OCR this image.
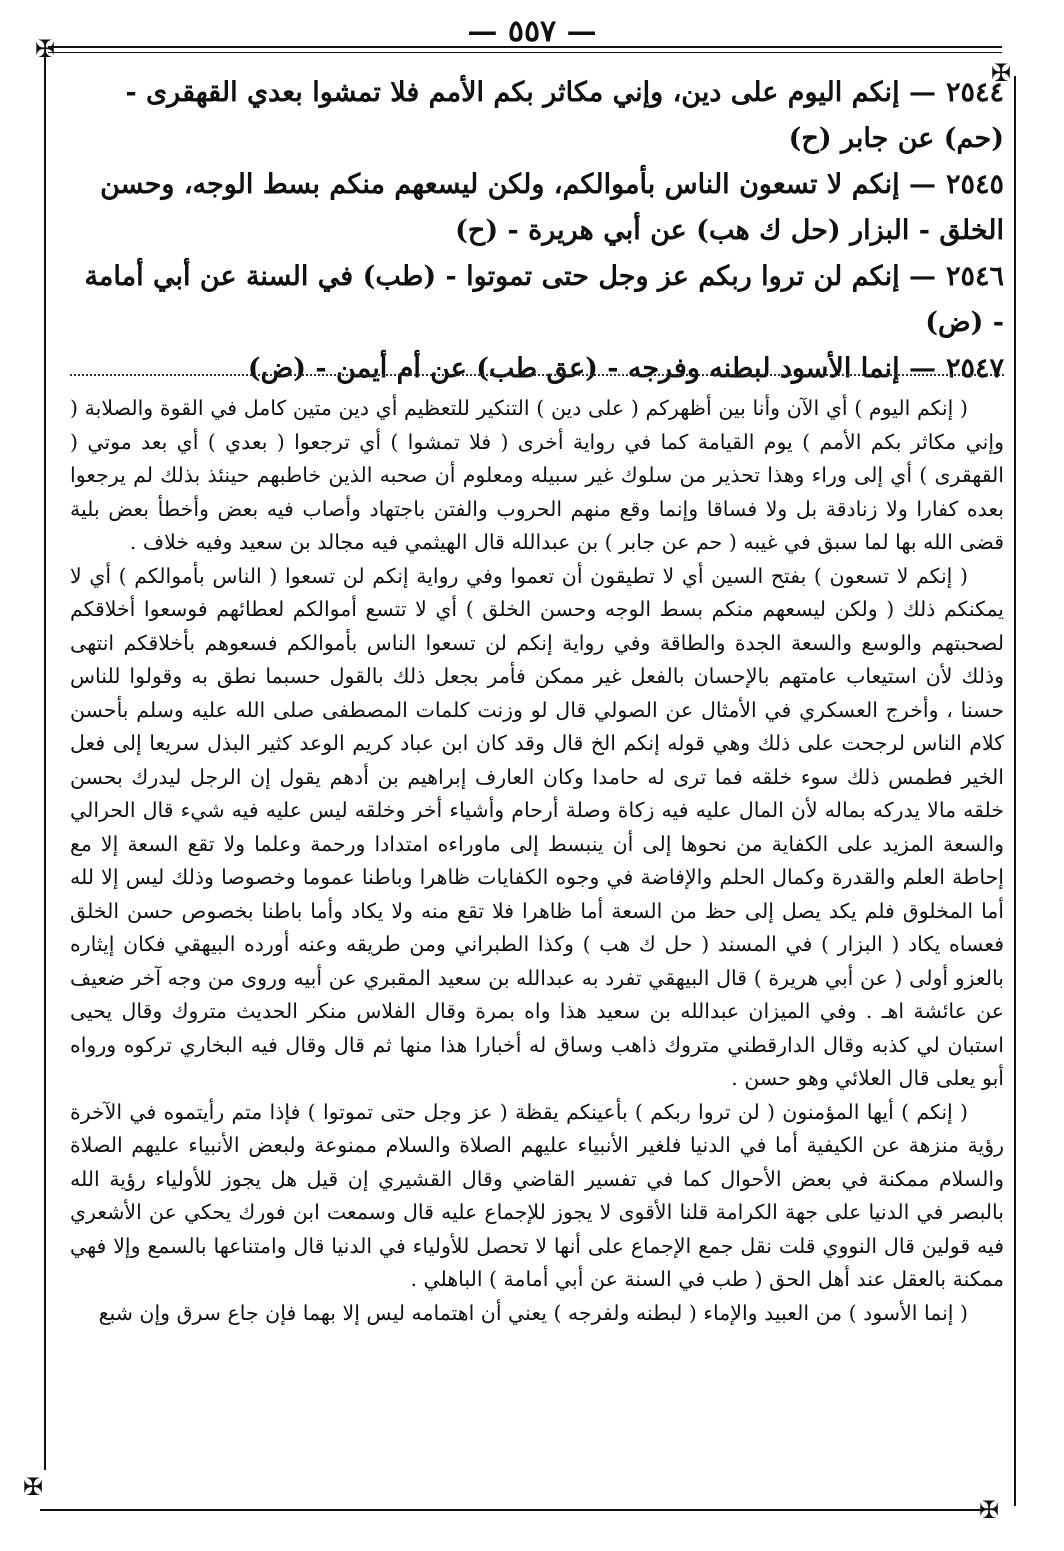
— ٥٥٧ —
✠
✠
✠
✠
٢٥٤٤— إنكم اليوم على دين، وإني مكاثر بكم الأمم فلا تمشوا بعدي القهقرى - (حم) عن جابر (ح)
٢٥٤٥— إنكم لا تسعون الناس بأموالكم، ولكن ليسعهم منكم بسط الوجه، وحسن الخلق - البزار (حل ك هب) عن أبي هريرة - (ح)
٢٥٤٦— إنكم لن تروا ربكم عز وجل حتى تموتوا - (طب) في السنة عن أبي أمامة - (ض)
٢٥٤٧— إنما الأسود لبطنه وفرجه - (عق طب) عن أم أيمن - (ض)

( إنكم اليوم ) أي الآن وأنا بين أظهركم ( على دين ) التنكير للتعظيم أي دين متين كامل في القوة والصلابة ( وإني مكاثر بكم الأمم ) يوم القيامة كما في رواية أخرى ( فلا تمشوا ) أي ترجعوا ( بعدي ) أي بعد موتي ( القهقرى ) أي إلى وراء وهذا تحذير من سلوك غير سبيله ومعلوم أن صحبه الذين خاطبهم حينئذ بذلك لم يرجعوا بعده كفارا ولا زنادقة بل ولا فساقا وإنما وقع منهم الحروب والفتن باجتهاد وأصاب فيه بعض وأخطأ بعض بلية قضى الله بها لما سبق في غيبه ( حم عن جابر ) بن عبدالله قال الهيثمي فيه مجالد بن سعيد وفيه خلاف .

( إنكم لا تسعون ) بفتح السين أي لا تطيقون أن تعموا وفي رواية إنكم لن تسعوا ( الناس بأموالكم ) أي لا يمكنكم ذلك ( ولكن ليسعهم منكم بسط الوجه وحسن الخلق ) أي لا تتسع أموالكم لعطائهم فوسعوا أخلاقكم لصحبتهم والوسع والسعة الجدة والطاقة وفي رواية إنكم لن تسعوا الناس بأموالكم فسعوهم بأخلاقكم انتهى وذلك لأن استيعاب عامتهم بالإحسان بالفعل غير ممكن فأمر بجعل ذلك بالقول حسبما نطق به وقولوا للناس حسنا ، وأخرج العسكري في الأمثال عن الصولي قال لو وزنت كلمات المصطفى صلى الله عليه وسلم بأحسن كلام الناس لرجحت على ذلك وهي قوله إنكم الخ قال وقد كان ابن عباد كريم الوعد كثير البذل سريعا إلى فعل الخير فطمس ذلك سوء خلقه فما ترى له حامدا وكان العارف إبراهيم بن أدهم يقول إن الرجل ليدرك بحسن خلقه مالا يدركه بماله لأن المال عليه فيه زكاة وصلة أرحام وأشياء أخر وخلقه ليس عليه فيه شيء قال الحرالي والسعة المزيد على الكفاية من نحوها إلى أن ينبسط إلى ماوراءه امتدادا ورحمة وعلما ولا تقع السعة إلا مع إحاطة العلم والقدرة وكمال الحلم والإفاضة في وجوه الكفايات ظاهرا وباطنا عموما وخصوصا وذلك ليس إلا لله أما المخلوق فلم يكد يصل إلى حظ من السعة أما ظاهرا فلا تقع منه ولا يكاد وأما باطنا بخصوص حسن الخلق فعساه يكاد ( البزار ) في المسند ( حل ك هب ) وكذا الطبراني ومن طريقه وعنه أورده البيهقي فكان إيثاره بالعزو أولى ( عن أبي هريرة ) قال البيهقي تفرد به عبدالله بن سعيد المقبري عن أبيه وروى من وجه آخر ضعيف عن عائشة اهـ . وفي الميزان عبدالله بن سعيد هذا واه بمرة وقال الفلاس منكر الحديث متروك وقال يحيى استبان لي كذبه وقال الدارقطني متروك ذاهب وساق له أخبارا هذا منها ثم قال وقال فيه البخاري تركوه ورواه أبو يعلى قال العلائي وهو حسن .

( إنكم ) أيها المؤمنون ( لن تروا ربكم ) بأعينكم يقظة ( عز وجل حتى تموتوا ) فإذا متم رأيتموه في الآخرة رؤية منزهة عن الكيفية أما في الدنيا فلغير الأنبياء عليهم الصلاة والسلام ممنوعة ولبعض الأنبياء عليهم الصلاة والسلام ممكنة في بعض الأحوال كما في تفسير القاضي وقال القشيري إن قيل هل يجوز للأولياء رؤية الله بالبصر في الدنيا على جهة الكرامة قلنا الأقوى لا يجوز للإجماع عليه قال وسمعت ابن فورك يحكي عن الأشعري فيه قولين قال النووي قلت نقل جمع الإجماع على أنها لا تحصل للأولياء في الدنيا قال وامتناعها بالسمع وإلا فهي ممكنة بالعقل عند أهل الحق ( طب في السنة عن أبي أمامة ) الباهلي .

( إنما الأسود ) من العبيد والإماء ( لبطنه ولفرجه ) يعني أن اهتمامه ليس إلا بهما فإن جاع سرق وإن شبع
